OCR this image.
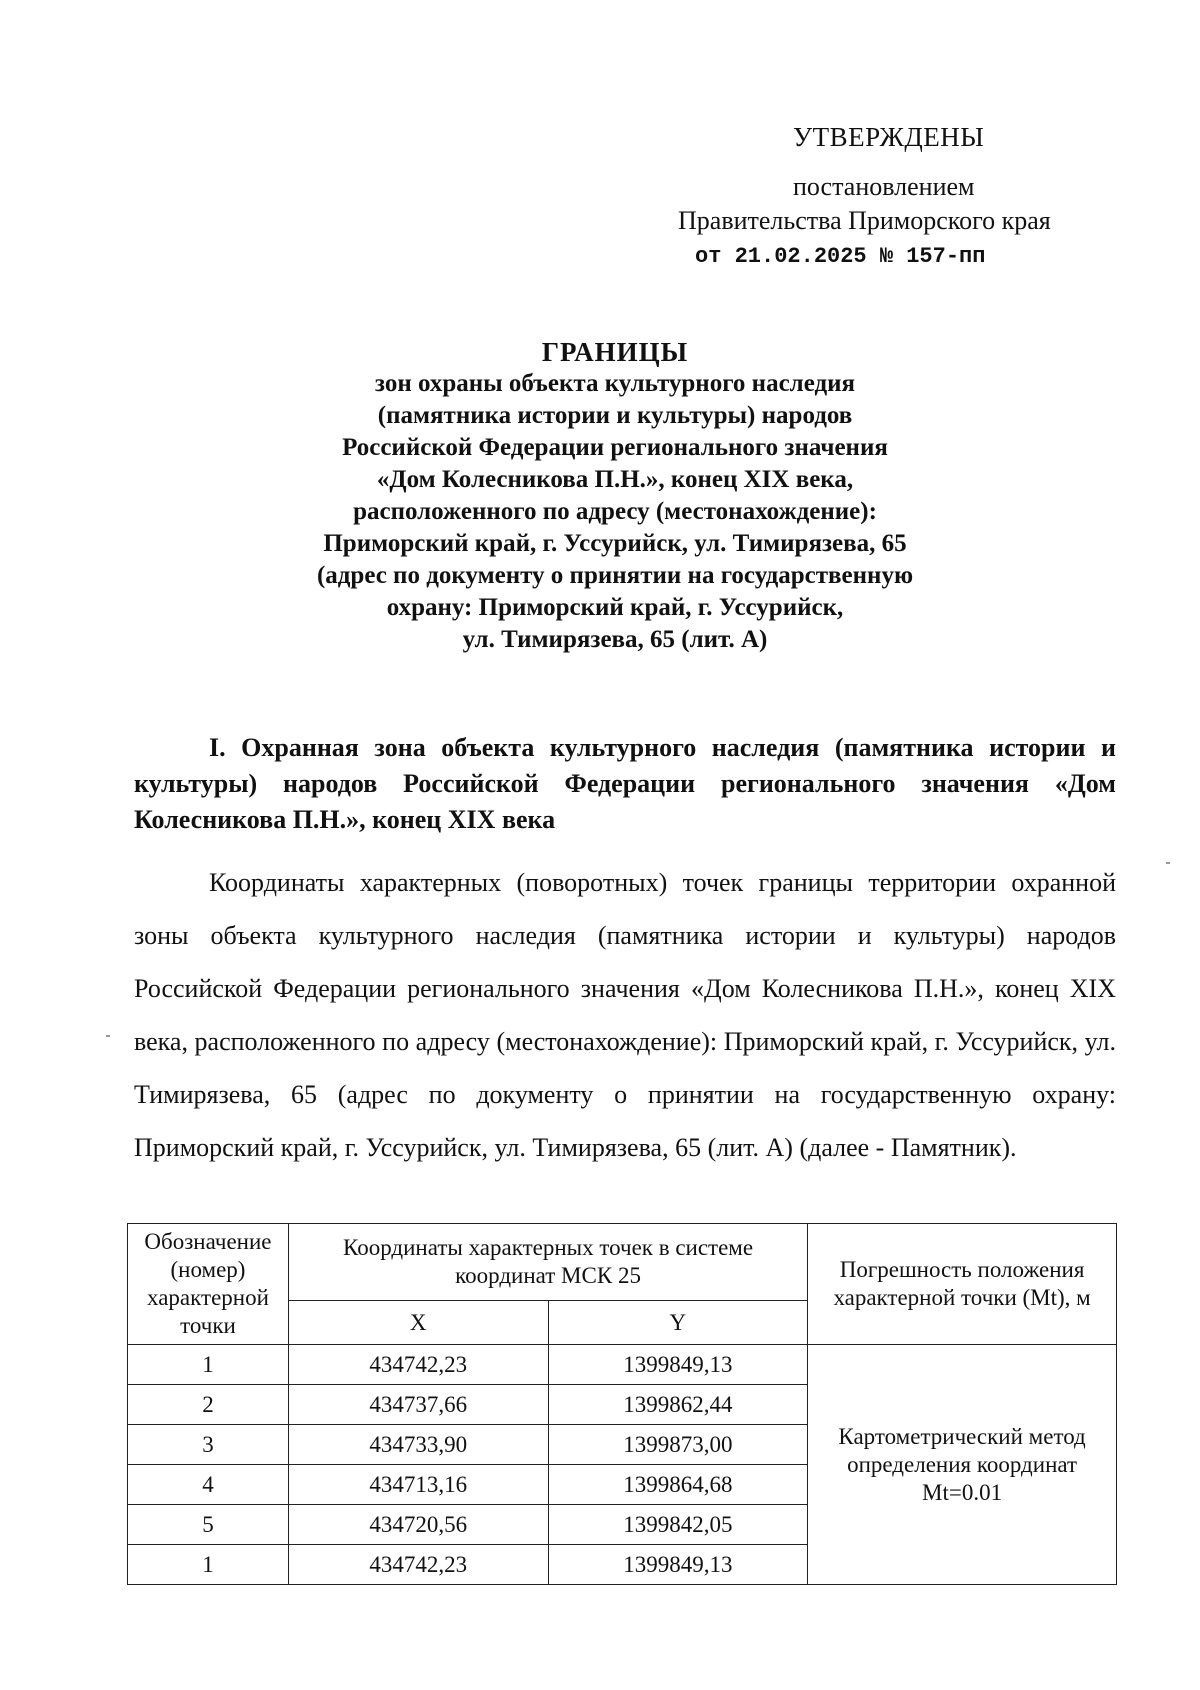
УТВЕРЖДЕНЫ
постановлением
Правительства Приморского края
от 21.02.2025 № 157-пп
ГРАНИЦЫ
зон охраны объекта культурного наследия
(памятника истории и культуры) народов
Российской Федерации регионального значения
«Дом Колесникова П.Н.», конец XIX века,
расположенного по адресу (местонахождение):
Приморский край, г. Уссурийск, ул. Тимирязева, 65
(адрес по документу о принятии на государственную
охрану: Приморский край, г. Уссурийск,
ул. Тимирязева, 65 (лит. А)
I. Охранная зона объекта культурного наследия (памятника истории и культуры) народов Российской Федерации регионального значения «Дом Колесникова П.Н.», конец XIX века
Координаты характерных (поворотных) точек границы территории охранной зоны объекта культурного наследия (памятника истории и культуры) народов Российской Федерации регионального значения «Дом Колесникова П.Н.», конец XIX века, расположенного по адресу (местонахождение): Приморский край, г. Уссурийск, ул. Тимирязева, 65 (адрес по документу о принятии на государственную охрану: Приморский край, г. Уссурийск, ул. Тимирязева, 65 (лит. А) (далее - Памятник).
Обозначение (номер) характерной точки	Координаты характерных точек в системе координат МСК 25		Погрешность положения характерной точки (Mt), м
	X	Y	
1	434742,23	1399849,13	Картометрический метод определения координат
Mt=0.01

2	434737,66	1399862,44	
3	434733,90	1399873,00	
4	434713,16	1399864,68	
5	434720,56	1399842,05	
1	434742,23	1399849,13	
